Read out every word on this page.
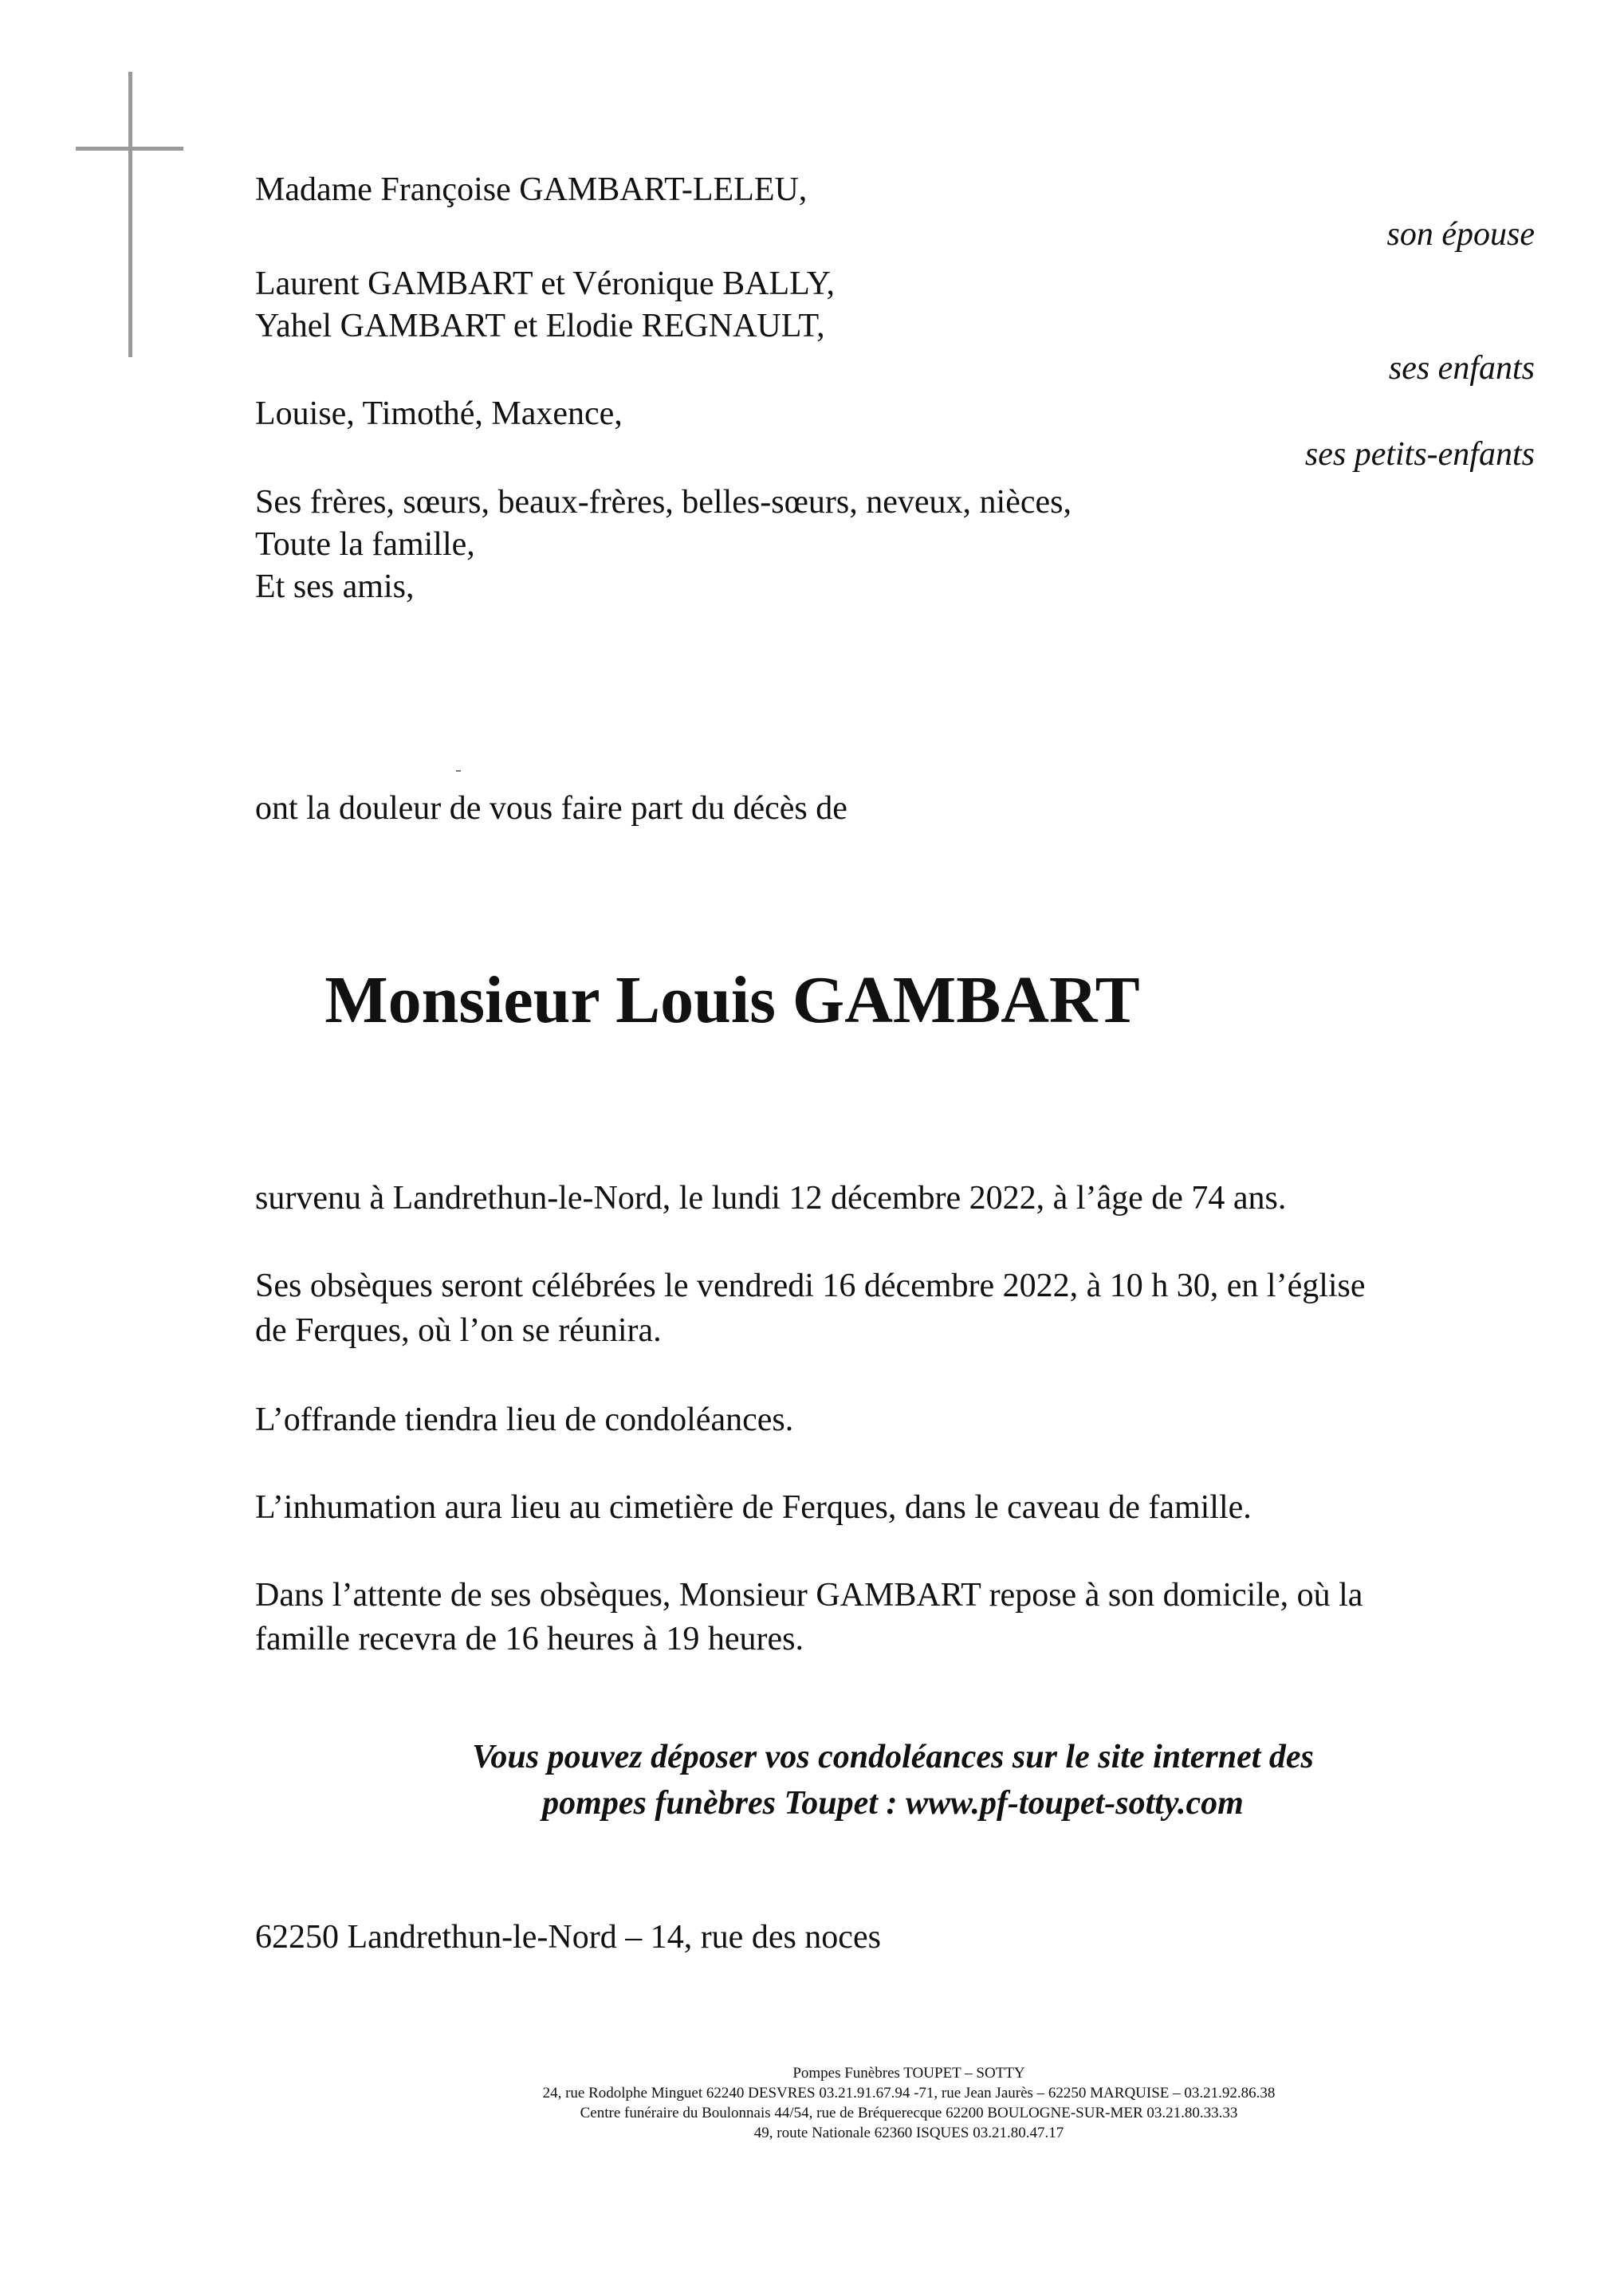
Madame Françoise GAMBART-LELEU,
son épouse
Laurent GAMBART et Véronique BALLY,
Yahel GAMBART et Elodie REGNAULT,
ses enfants
Louise, Timothé, Maxence,
ses petits-enfants
Ses frères, sœurs, beaux-frères, belles-sœurs, neveux, nièces,
Toute la famille,
Et ses amis,
ont la douleur de vous faire part du décès de
Monsieur Louis GAMBART
survenu à Landrethun-le-Nord, le lundi 12 décembre 2022, à l’âge de 74 ans.
Ses obsèques seront célébrées le vendredi 16 décembre 2022, à 10 h 30, en l’église
de Ferques, où l’on se réunira.
L’offrande tiendra lieu de condoléances.
L’inhumation aura lieu au cimetière de Ferques, dans le caveau de famille.
Dans l’attente de ses obsèques, Monsieur GAMBART repose à son domicile, où la
famille recevra de 16 heures à 19 heures.
Vous pouvez déposer vos condoléances sur le site internet des
pompes funèbres Toupet : www.pf-toupet-sotty.com
62250 Landrethun-le-Nord – 14, rue des noces
Pompes Funèbres TOUPET – SOTTY
24, rue Rodolphe Minguet 62240 DESVRES 03.21.91.67.94 -71, rue Jean Jaurès – 62250 MARQUISE – 03.21.92.86.38
Centre funéraire du Boulonnais 44/54, rue de Bréquerecque 62200 BOULOGNE-SUR-MER 03.21.80.33.33
49, route Nationale 62360 ISQUES 03.21.80.47.17
